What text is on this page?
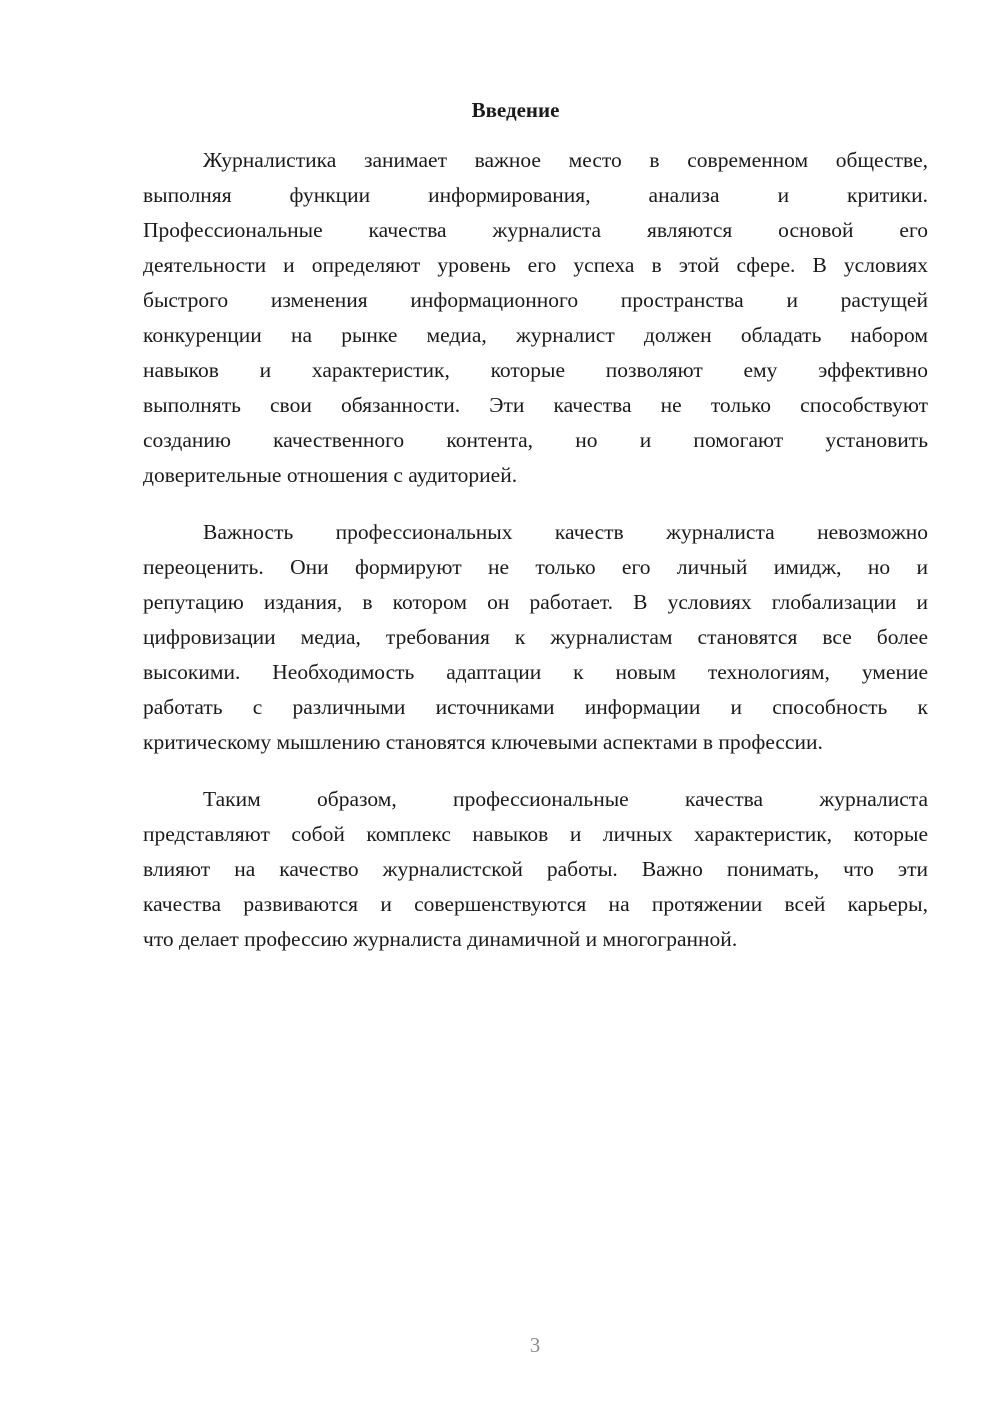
Введение
Журналистика занимает важное место в современном обществе,
выполняя функции информирования, анализа и критики.
Профессиональные качества журналиста являются основой его
деятельности и определяют уровень его успеха в этой сфере. В условиях
быстрого изменения информационного пространства и растущей
конкуренции на рынке медиа, журналист должен обладать набором
навыков и характеристик, которые позволяют ему эффективно
выполнять свои обязанности. Эти качества не только способствуют
созданию качественного контента, но и помогают установить
доверительные отношения с аудиторией.
Важность профессиональных качеств журналиста невозможно
переоценить. Они формируют не только его личный имидж, но и
репутацию издания, в котором он работает. В условиях глобализации и
цифровизации медиа, требования к журналистам становятся все более
высокими. Необходимость адаптации к новым технологиям, умение
работать с различными источниками информации и способность к
критическому мышлению становятся ключевыми аспектами в профессии.
Таким образом, профессиональные качества журналиста
представляют собой комплекс навыков и личных характеристик, которые
влияют на качество журналистской работы. Важно понимать, что эти
качества развиваются и совершенствуются на протяжении всей карьеры,
что делает профессию журналиста динамичной и многогранной.
3
